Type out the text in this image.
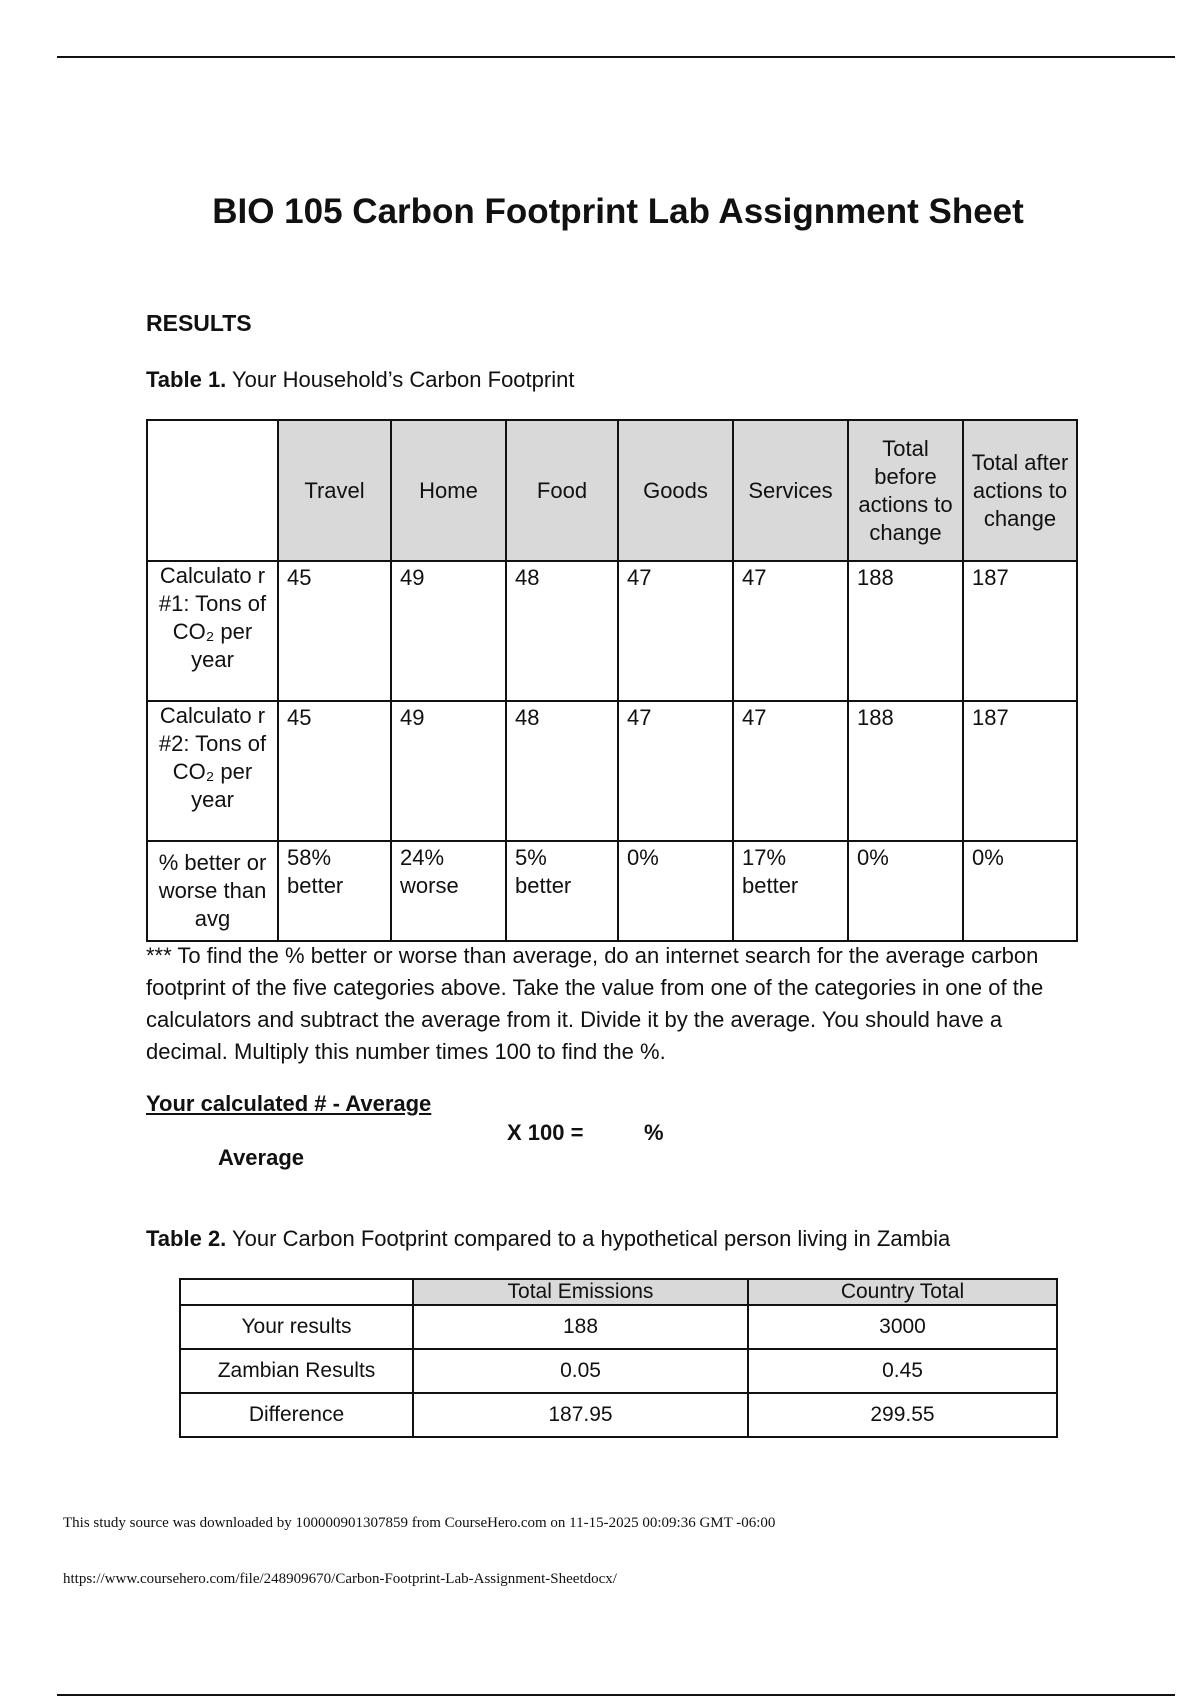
BIO 105 Carbon Footprint Lab Assignment Sheet
RESULTS
Table 1. Your Household’s Carbon Footprint
	Travel	Home	Food	Goods	Services	Total before actions to change	Total after actions to change
Calculato r #1: Tons of CO₂ per year	45	49	48	47	47	188	187
Calculato r #2: Tons of CO₂ per year	45	49	48	47	47	188	187
% better or worse than avg	58% better	24% worse	5% better	0%	17% better	0%	0%
*** To find the % better or worse than average, do an internet search for the average carbon footprint of the five categories above. Take the value from one of the categories in one of the calculators and subtract the average from it. Divide it by the average. You should have a decimal. Multiply this number times 100 to find the %.
Your calculated # - Average
Average
X 100 =	%
Table 2. Your Carbon Footprint compared to a hypothetical person living in Zambia
	Total Emissions	Country Total
Your results	188	3000
Zambian Results	0.05	0.45
Difference	187.95	299.55
This study source was downloaded by 100000901307859 from CourseHero.com on 11-15-2025 00:09:36 GMT -06:00
https://www.coursehero.com/file/248909670/Carbon-Footprint-Lab-Assignment-Sheetdocx/
